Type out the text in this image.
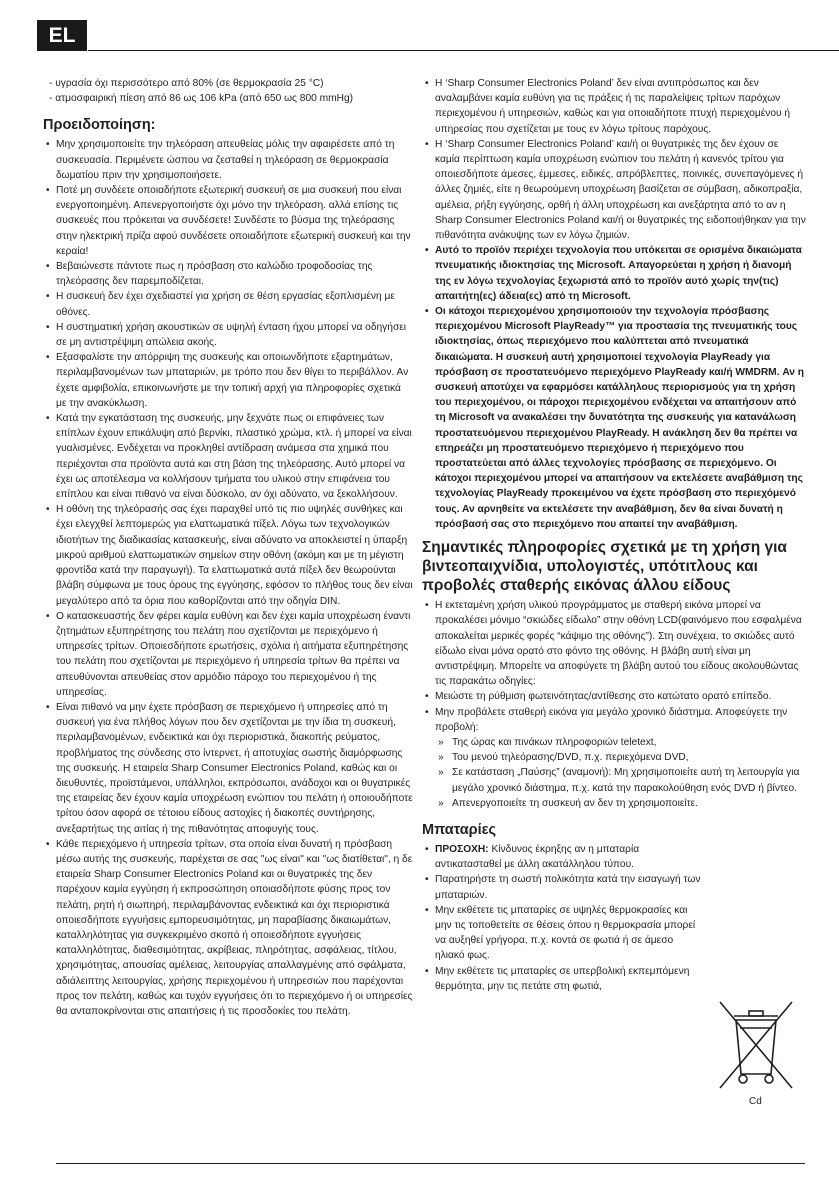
EL

- υγρασία όχι περισσότερο από 80% (σε θερμοκρασία 25 °C)

- ατμοσφαιρική πίεση από 86 ως 106 kPa (από 650 ως 800 mmHg)

Προειδοποίηση:
• Μην χρησιμοποιείτε την τηλεόραση απευθείας μόλις την αφαιρέσετε από τη συσκευασία. Περιμένετε ώσπου να ζεσταθεί η τηλεόραση σε θερμοκρασία δωματίου πριν την χρησιμοποιήσετε.
• Ποτέ μη συνδέετε οποιαδήποτε εξωτερική συσκευή σε μια συσκευή που είναι ενεργοποιημένη. Απενεργοποιήστε όχι μόνο την τηλεόραση. αλλά επίσης τις συσκευές που πρόκειται να συνδέσετε! Συνδέστε το βύσμα της τηλεόρασης στην ηλεκτρική πρίζα αφού συνδέσετε οποιαδήποτε εξωτερική συσκευή και την κεραία!
• Βεβαιώνεστε πάντοτε πως η πρόσβαση στο καλώδιο τροφοδοσίας της τηλεόρασης δεν παρεμποδίζεται.
• Η συσκευή δεν έχει σχεδιαστεί για χρήση σε θέση εργασίας εξοπλισμένη με οθόνες.
• Η συστηματική χρήση ακουστικών σε υψηλή ένταση ήχου μπορεί να οδηγήσει σε μη αντιστρέψιμη απώλεια ακοής.
• Εξασφαλίστε την απόρριψη της συσκευής και οποιωνδήποτε εξαρτημάτων, περιλαμβανομένων των μπαταριών, με τρόπο που δεν θίγει το περιβάλλον. Αν έχετε αμφιβολία, επικοινωνήστε με την τοπική αρχή για πληροφορίες σχετικά με την ανακύκλωση.
• Κατά την εγκατάσταση της συσκευής, μην ξεχνάτε πως οι επιφάνειες των επίπλων έχουν επικάλυψη από βερνίκι, πλαστικό χρώμα, κτλ. ή μπορεί να είναι γυαλισμένες. Ενδέχεται να προκληθεί αντίδραση ανάμεσα στα χημικά που περιέχονται στα προϊόντα αυτά και στη βάση της τηλεόρασης. Αυτό μπορεί να έχει ως αποτέλεσμα να κολλήσουν τμήματα του υλικού στην επιφάνεια του επίπλου και είναι πιθανό να είναι δύσκολο, αν όχι αδύνατο, να ξεκολλήσουν.
• Η οθόνη της τηλεόρασής σας έχει παραχθεί υπό τις πιο υψηλές συνθήκες και έχει ελεγχθεί λεπτομερώς για ελαττωματικά πίξελ. Λόγω των τεχνολογικών ιδιοτήτων της διαδικασίας κατασκευής, είναι αδύνατο να αποκλειστεί η ύπαρξη μικρού αριθμού ελαττωματικών σημείων στην οθόνη (ακόμη και με τη μέγιστη φροντίδα κατά την παραγωγή). Τα ελαττωματικά αυτά πίξελ δεν θεωρούνται βλάβη σύμφωνα με τους όρους της εγγύησης, εφόσον το πλήθος τους δεν είναι μεγαλύτερο από τα όρια που καθορίζονται από την οδηγία DIN.
• Ο κατασκευαστής δεν φέρει καμία ευθύνη και δεν έχει καμία υποχρέωση έναντι ζητημάτων εξυπηρέτησης του πελάτη που σχετίζονται με περιεχόμενο ή υπηρεσίες τρίτων. Οποιεσδήποτε ερωτήσεις, σχόλια ή αιτήματα εξυπηρέτησης του πελάτη που σχετίζονται με περιεχόμενο ή υπηρεσία τρίτων θα πρέπει να απευθύνονται απευθείας στον αρμόδιο πάροχο του περιεχομένου ή της υπηρεσίας.
• Είναι πιθανό να μην έχετε πρόσβαση σε περιεχόμενο ή υπηρεσίες από τη συσκευή για ένα πλήθος λόγων που δεν σχετίζονται με την ίδια τη συσκευή, περιλαμβανομένων, ενδεικτικά και όχι περιοριστικά, διακοπής ρεύματος, προβλήματος της σύνδεσης στο ίντερνετ, ή αποτυχίας σωστής διαμόρφωσης της συσκευής. Η εταιρεία Sharp Consumer Electronics Poland, καθώς και οι διευθυντές, προϊστάμενοι, υπάλληλοι, εκπρόσωποι, ανάδοχοι και οι θυγατρικές της εταιρείας δεν έχουν καμία υποχρέωση ενώπιον του πελάτη ή οποιουδήποτε τρίτου όσον αφορά σε τέτοιου είδους αστοχίες ή διακοπές συντήρησης, ανεξαρτήτως της αιτίας ή της πιθανότητας αποφυγής τους.
• Κάθε περιεχόμενο ή υπηρεσία τρίτων, στα οποία είναι δυνατή η πρόσβαση μέσω αυτής της συσκευής, παρέχεται σε σας "ως είναι" και "ως διατίθεται", η δε εταιρεία Sharp Consumer Electronics Poland και οι θυγατρικές της δεν παρέχουν καμία εγγύηση ή εκπροσώπηση οποιασδήποτε φύσης προς τον πελάτη, ρητή ή σιωπηρή, περιλαμβάνοντας ενδεικτικά και όχι περιοριστικά οποιεσδήποτε εγγυήσεις εμπορευσιμότητας, μη παραβίασης δικαιωμάτων, καταλληλότητας για συγκεκριμένο σκοπό ή οποιεσδήποτε εγγυήσεις καταλληλότητας, διαθεσιμότητας, ακρίβειας, πληρότητας, ασφάλειας, τίτλου, χρησιμότητας, απουσίας αμέλειας, λειτουργίας απαλλαγμένης από σφάλματα, αδιάλειπτης λειτουργίας, χρήσης περιεχομένου ή υπηρεσιών που παρέχονται προς τον πελάτη, καθώς και τυχόν εγγυήσεις ότι το περιεχόμενο ή οι υπηρεσίες θα ανταποκρίνονται στις απαιτήσεις ή τις προσδοκίες του πελάτη.
• Η ‘Sharp Consumer Electronics Poland’ δεν είναι αντιπρόσωπος και δεν αναλαμβάνει καμία ευθύνη για τις πράξεις ή τις παραλείψεις τρίτων παρόχων περιεχομένου ή υπηρεσιών, καθώς και για οποιαδήποτε πτυχή περιεχομένου ή υπηρεσίας που σχετίζεται με τους εν λόγω τρίτους παρόχους.
• Η ‘Sharp Consumer Electronics Poland’ και/ή οι θυγατρικές της δεν έχουν σε καμία περίπτωση καμία υποχρέωση ενώπιον του πελάτη ή κανενός τρίτου για οποιεσδήποτε άμεσες, έμμεσες, ειδικές, απρόβλεπτες, ποινικές, συνεπαγόμενες ή άλλες ζημιές, είτε η θεωρούμενη υποχρέωση βασίζεται σε σύμβαση, αδικοπραξία, αμέλεια, ρήξη εγγύησης, ορθή ή άλλη υποχρέωση και ανεξάρτητα από το αν η Sharp Consumer Electronics Poland και/ή οι θυγατρικές της ειδοποιήθηκαν για την πιθανότητα ανάκυψης των εν λόγω ζημιών.
• Αυτό το προϊόν περιέχει τεχνολογία που υπόκειται σε ορισμένα δικαιώματα πνευματικής ιδιοκτησίας της Microsoft. Απαγορεύεται η χρήση ή διανομή της εν λόγω τεχνολογίας ξεχωριστά από το προϊόν αυτό χωρίς την(τις) απαιτήτη(ες) άδεια(ες) από τη Microsoft.
• Οι κάτοχοι περιεχομένου χρησιμοποιούν την τεχνολογία πρόσβασης περιεχομένου Microsoft PlayReady™ για προστασία της πνευματικής τους ιδιοκτησίας, όπως περιεχόμενο που καλύπτεται από πνευματικά δικαιώματα. Η συσκευή αυτή χρησιμοποιεί τεχνολογία PlayReady για πρόσβαση σε προστατευόμενο περιεχόμενο PlayReady και/ή WMDRM. Αν η συσκευή αποτύχει να εφαρμόσει κατάλληλους περιορισμούς για τη χρήση του περιεχομένου, οι πάροχοι περιεχομένου ενδέχεται να απαιτήσουν από τη Microsoft να ανακαλέσει την δυνατότητα της συσκευής για κατανάλωση προστατευόμενου περιεχομένου PlayReady. Η ανάκληση δεν θα πρέπει να επηρεάζει μη προστατευόμενο περιεχόμενο ή περιεχόμενο που προστατεύεται από άλλες τεχνολογίες πρόσβασης σε περιεχόμενο. Οι κάτοχοι περιεχομένου μπορεί να απαιτήσουν να εκτελέσετε αναβάθμιση της τεχνολογίας PlayReady προκειμένου να έχετε πρόσβαση στο περιεχόμενό τους. Αν αρνηθείτε να εκτελέσετε την αναβάθμιση, δεν θα είναι δυνατή η πρόσβασή σας στο περιεχόμενο που απαιτεί την αναβάθμιση.
Σημαντικές πληροφορίες σχετικά με τη χρήση για βιντεοπαιχνίδια, υπολογιστές, υπότιτλους και προβολές σταθερής εικόνας άλλου είδους
• Η εκτεταμένη χρήση υλικού προγράμματος με σταθερή εικόνα μπορεί να προκαλέσει μόνιμο “σκιώδες είδωλο” στην οθόνη LCD(φαινόμενο που εσφαλμένα αποκαλείται μερικές φορές “κάψιμο της οθόνης”). Στη συνέχεια, το σκιώδες αυτό είδωλο είναι μόνα ορατό στο φόντο της οθόνης. Η βλάβη αυτή είναι μη αντιστρέψιμη. Μπορείτε να αποφύγετε τη βλάβη αυτού του είδους ακολουθώντας τις παρακάτω οδηγίες:
• Μειώστε τη ρύθμιση φωτεινότητας/αντίθεσης στο κατώτατο ορατό επίπεδο.
• Μην προβάλετε σταθερή εικόνα για μεγάλο χρονικό διάστημα. Αποφεύγετε την προβολή:
» Της ώρας και πινάκων πληροφοριών teletext,
» Του μενού τηλεόρασης/DVD, π.χ. περιεχόμενα DVD,
» Σε κατάσταση „Παύσης” (αναμονή): Μη χρησιμοποιείτε αυτή τη λειτουργία για μεγάλο χρονικό διάστημα, π.χ. κατά την παρακολούθηση ενός DVD ή βίντεο.
» Απενεργοποιείτε τη συσκευή αν δεν τη χρησιμοποιείτε.
Μπαταρίες
• ΠΡΟΣΟΧΗ: Κίνδυνος έκρηξης αν η μπαταρία αντικατασταθεί με άλλη ακατάλληλου τύπου.
• Παρατηρήστε τη σωστή πολικότητα κατά την εισαγωγή των μπαταριών.
• Μην εκθέτετε τις μπαταρίες σε υψηλές θερμοκρασίες και μην τις τοποθετείτε σε θέσεις όπου η θερμοκρασία μπορεί να αυξηθεί γρήγορα, π.χ. κοντά σε φωτιά ή σε άμεσο ηλιακό φως.
• Μην εκθέτετε τις μπαταρίες σε υπερβολική εκπεμπόμενη θερμότητα, μην τις πετάτε στη φωτιά,
Cd
